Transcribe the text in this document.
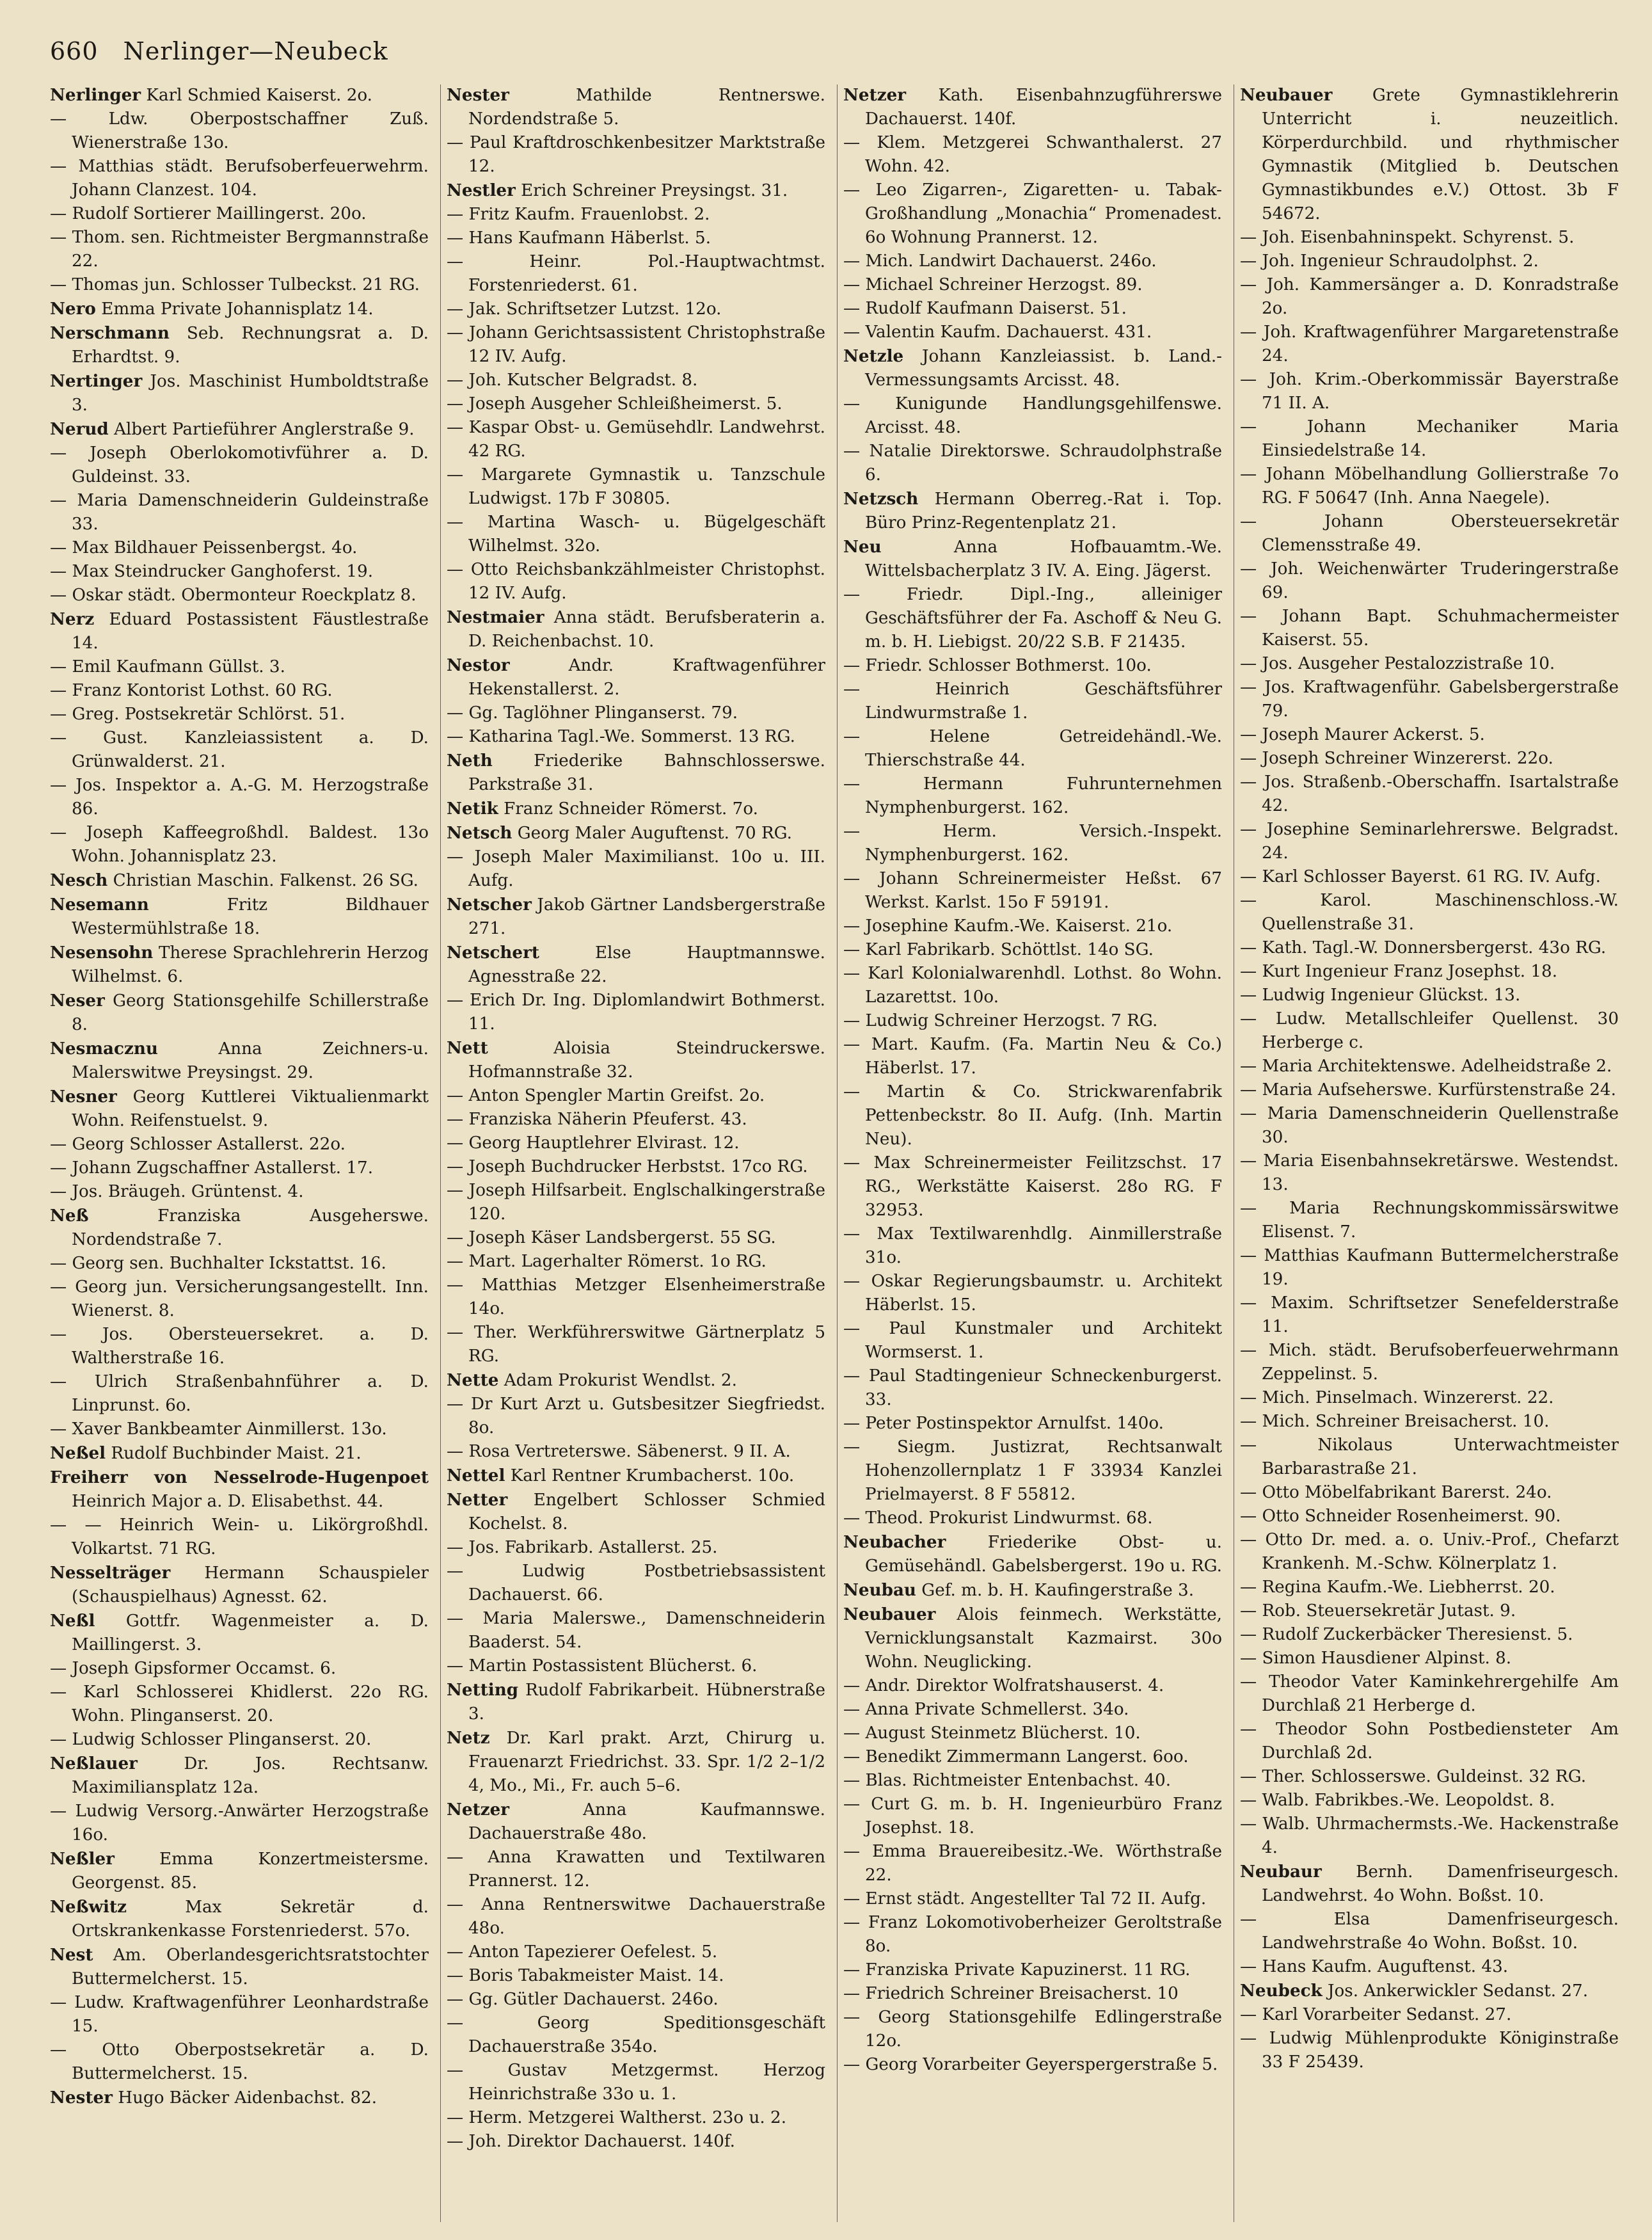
660 Nerlinger—Neubeck

Nerlinger Karl Schmied Kaiserst. 2o.

— Ldw. Oberpostschaffner Zuß. Wienerstraße 13o.

— Matthias städt. Berufsoberfeuerwehrm. Johann Clanzest. 104.

— Rudolf Sortierer Maillingerst. 20o.

— Thom. sen. Richtmeister Bergmannstraße 22.

— Thomas jun. Schlosser Tulbeckst. 21 RG.

Nero Emma Private Johannisplatz 14.

Nerschmann Seb. Rechnungsrat a. D. Erhardtst. 9.

Nertinger Jos. Maschinist Humboldtstraße 3.

Nerud Albert Partieführer Anglerstraße 9.

— Joseph Oberlokomotivführer a. D. Guldeinst. 33.

— Maria Damenschneiderin Guldeinstraße 33.

— Max Bildhauer Peissenbergst. 4o.

— Max Steindrucker Ganghoferst. 19.

— Oskar städt. Obermonteur Roeckplatz 8.

Nerz Eduard Postassistent Fäustlestraße 14.

— Emil Kaufmann Güllst. 3.

— Franz Kontorist Lothst. 60 RG.

— Greg. Postsekretär Schlörst. 51.

— Gust. Kanzleiassistent a. D. Grünwalderst. 21.

— Jos. Inspektor a. A.-G. M. Herzogstraße 86.

— Joseph Kaffeegroßhdl. Baldest. 13o Wohn. Johannisplatz 23.

Nesch Christian Maschin. Falkenst. 26 SG.

Nesemann Fritz Bildhauer Westermühlstraße 18.

Nesensohn Therese Sprachlehrerin Herzog Wilhelmst. 6.

Neser Georg Stationsgehilfe Schillerstraße 8.

Nesmacznu Anna Zeichners-u. Malerswitwe Preysingst. 29.

Nesner Georg Kuttlerei Viktualienmarkt Wohn. Reifenstuelst. 9.

— Georg Schlosser Astallerst. 22o.

— Johann Zugschaffner Astallerst. 17.

— Jos. Bräugeh. Grüntenst. 4.

Neß Franziska Ausgeherswe. Nordendstraße 7.

— Georg sen. Buchhalter Ickstattst. 16.

— Georg jun. Versicherungsangestellt. Inn. Wienerst. 8.

— Jos. Obersteuersekret. a. D. Waltherstraße 16.

— Ulrich Straßenbahnführer a. D. Linprunst. 6o.

— Xaver Bankbeamter Ainmillerst. 13o.

Neßel Rudolf Buchbinder Maist. 21.

Freiherr von Nesselrode-Hugenpoet Heinrich Major a. D. Elisabethst. 44.

— — Heinrich Wein- u. Likörgroßhdl. Volkartst. 71 RG.

Nesselträger Hermann Schauspieler (Schauspielhaus) Agnesst. 62.

Neßl Gottfr. Wagenmeister a. D. Maillingerst. 3.

— Joseph Gipsformer Occamst. 6.

— Karl Schlosserei Khidlerst. 22o RG. Wohn. Plinganserst. 20.

— Ludwig Schlosser Plinganserst. 20.

Neßlauer Dr. Jos. Rechtsanw. Maximiliansplatz 12a.

— Ludwig Versorg.-Anwärter Herzogstraße 16o.

Neßler Emma Konzertmeistersme. Georgenst. 85.

Neßwitz Max Sekretär d. Ortskrankenkasse Forstenriederst. 57o.

Nest Am. Oberlandesgerichtsratstochter Buttermelcherst. 15.

— Ludw. Kraftwagenführer Leonhardstraße 15.

— Otto Oberpostsekretär a. D. Buttermelcherst. 15.

Nester Hugo Bäcker Aidenbachst. 82.

Nester Mathilde Rentnerswe. Nordendstraße 5.

— Paul Kraftdroschkenbesitzer Marktstraße 12.

Nestler Erich Schreiner Preysingst. 31.

— Fritz Kaufm. Frauenlobst. 2.

— Hans Kaufmann Häberlst. 5.

— Heinr. Pol.-Hauptwachtmst. Forstenriederst. 61.

— Jak. Schriftsetzer Lutzst. 12o.

— Johann Gerichtsassistent Christophstraße 12 IV. Aufg.

— Joh. Kutscher Belgradst. 8.

— Joseph Ausgeher Schleißheimerst. 5.

— Kaspar Obst- u. Gemüsehdlr. Landwehrst. 42 RG.

— Margarete Gymnastik u. Tanzschule Ludwigst. 17b F 30805.

— Martina Wasch- u. Bügelgeschäft Wilhelmst. 32o.

— Otto Reichsbankzählmeister Christophst. 12 IV. Aufg.

Nestmaier Anna städt. Berufsberaterin a. D. Reichenbachst. 10.

Nestor Andr. Kraftwagenführer Hekenstallerst. 2.

— Gg. Taglöhner Plinganserst. 79.

— Katharina Tagl.-We. Sommerst. 13 RG.

Neth Friederike Bahnschlosserswe. Parkstraße 31.

Netik Franz Schneider Römerst. 7o.

Netsch Georg Maler Auguftenst. 70 RG.

— Joseph Maler Maximilianst. 10o u. III. Aufg.

Netscher Jakob Gärtner Landsbergerstraße 271.

Netschert Else Hauptmannswe. Agnesstraße 22.

— Erich Dr. Ing. Diplomlandwirt Bothmerst. 11.

Nett Aloisia Steindruckerswe. Hofmannstraße 32.

— Anton Spengler Martin Greifst. 2o.

— Franziska Näherin Pfeuferst. 43.

— Georg Hauptlehrer Elvirast. 12.

— Joseph Buchdrucker Herbstst. 17co RG.

— Joseph Hilfsarbeit. Englschalkingerstraße 120.

— Joseph Käser Landsbergerst. 55 SG.

— Mart. Lagerhalter Römerst. 1o RG.

— Matthias Metzger Elsenheimerstraße 14o.

— Ther. Werkführerswitwe Gärtnerplatz 5 RG.

Nette Adam Prokurist Wendlst. 2.

— Dr Kurt Arzt u. Gutsbesitzer Siegfriedst. 8o.

— Rosa Vertreterswe. Säbenerst. 9 II. A.

Nettel Karl Rentner Krumbacherst. 10o.

Netter Engelbert Schlosser Schmied Kochelst. 8.

— Jos. Fabrikarb. Astallerst. 25.

— Ludwig Postbetriebsassistent Dachauerst. 66.

— Maria Malerswe., Damenschneiderin Baaderst. 54.

— Martin Postassistent Blücherst. 6.

Netting Rudolf Fabrikarbeit. Hübnerstraße 3.

Netz Dr. Karl prakt. Arzt, Chirurg u. Frauenarzt Friedrichst. 33. Spr. 1/2 2–1/2 4, Mo., Mi., Fr. auch 5–6.

Netzer Anna Kaufmannswe. Dachauerstraße 48o.

— Anna Krawatten und Textilwaren Prannerst. 12.

— Anna Rentnerswitwe Dachauerstraße 48o.

— Anton Tapezierer Oefelest. 5.

— Boris Tabakmeister Maist. 14.

— Gg. Gütler Dachauerst. 246o.

— Georg Speditionsgeschäft Dachauerstraße 354o.

— Gustav Metzgermst. Herzog Heinrichstraße 33o u. 1.

— Herm. Metzgerei Waltherst. 23o u. 2.

— Joh. Direktor Dachauerst. 140f.

Netzer Kath. Eisenbahnzugführerswe Dachauerst. 140f.

— Klem. Metzgerei Schwanthalerst. 27 Wohn. 42.

— Leo Zigarren-, Zigaretten- u. Tabak-Großhandlung „Monachia“ Promenadest. 6o Wohnung Prannerst. 12.

— Mich. Landwirt Dachauerst. 246o.

— Michael Schreiner Herzogst. 89.

— Rudolf Kaufmann Daiserst. 51.

— Valentin Kaufm. Dachauerst. 431.

Netzle Johann Kanzleiassist. b. Land.-Vermessungsamts Arcisst. 48.

— Kunigunde Handlungsgehilfenswe. Arcisst. 48.

— Natalie Direktorswe. Schraudolphstraße 6.

Netzsch Hermann Oberreg.-Rat i. Top. Büro Prinz-Regentenplatz 21.

Neu Anna Hofbauamtm.-We. Wittelsbacherplatz 3 IV. A. Eing. Jägerst.

— Friedr. Dipl.-Ing., alleiniger Geschäftsführer der Fa. Aschoff & Neu G. m. b. H. Liebigst. 20/22 S.B. F 21435.

— Friedr. Schlosser Bothmerst. 10o.

— Heinrich Geschäftsführer Lindwurmstraße 1.

— Helene Getreidehändl.-We. Thierschstraße 44.

— Hermann Fuhrunternehmen Nymphenburgerst. 162.

— Herm. Versich.-Inspekt. Nymphenburgerst. 162.

— Johann Schreinermeister Heßst. 67 Werkst. Karlst. 15o F 59191.

— Josephine Kaufm.-We. Kaiserst. 21o.

— Karl Fabrikarb. Schöttlst. 14o SG.

— Karl Kolonialwarenhdl. Lothst. 8o Wohn. Lazarettst. 10o.

— Ludwig Schreiner Herzogst. 7 RG.

— Mart. Kaufm. (Fa. Martin Neu & Co.) Häberlst. 17.

— Martin & Co. Strickwarenfabrik Pettenbeckstr. 8o II. Aufg. (Inh. Martin Neu).

— Max Schreinermeister Feilitzschst. 17 RG., Werkstätte Kaiserst. 28o RG. F 32953.

— Max Textilwarenhdlg. Ainmillerstraße 31o.

— Oskar Regierungsbaumstr. u. Architekt Häberlst. 15.

— Paul Kunstmaler und Architekt Wormserst. 1.

— Paul Stadtingenieur Schneckenburgerst. 33.

— Peter Postinspektor Arnulfst. 140o.

— Siegm. Justizrat, Rechtsanwalt Hohenzollernplatz 1 F 33934 Kanzlei Prielmayerst. 8 F 55812.

— Theod. Prokurist Lindwurmst. 68.

Neubacher Friederike Obst- u. Gemüsehändl. Gabelsbergerst. 19o u. RG.

Neubau Gef. m. b. H. Kaufingerstraße 3.

Neubauer Alois feinmech. Werkstätte, Vernicklungsanstalt Kazmairst. 30o Wohn. Neuglicking.

— Andr. Direktor Wolfratshauserst. 4.

— Anna Private Schmellerst. 34o.

— August Steinmetz Blücherst. 10.

— Benedikt Zimmermann Langerst. 6oo.

— Blas. Richtmeister Entenbachst. 40.

— Curt G. m. b. H. Ingenieurbüro Franz Josephst. 18.

— Emma Brauereibesitz.-We. Wörthstraße 22.

— Ernst städt. Angestellter Tal 72 II. Aufg.

— Franz Lokomotivoberheizer Geroltstraße 8o.

— Franziska Private Kapuzinerst. 11 RG.

— Friedrich Schreiner Breisacherst. 10

— Georg Stationsgehilfe Edlingerstraße 12o.

— Georg Vorarbeiter Geyerspergerstraße 5.

Neubauer Grete Gymnastiklehrerin Unterricht i. neuzeitlich. Körperdurchbild. und rhythmischer Gymnastik (Mitglied b. Deutschen Gymnastikbundes e.V.) Ottost. 3b F 54672.

— Joh. Eisenbahninspekt. Schyrenst. 5.

— Joh. Ingenieur Schraudolphst. 2.

— Joh. Kammersänger a. D. Konradstraße 2o.

— Joh. Kraftwagenführer Margaretenstraße 24.

— Joh. Krim.-Oberkommissär Bayerstraße 71 II. A.

— Johann Mechaniker Maria Einsiedelstraße 14.

— Johann Möbelhandlung Gollierstraße 7o RG. F 50647 (Inh. Anna Naegele).

— Johann Obersteuersekretär Clemensstraße 49.

— Joh. Weichenwärter Truderingerstraße 69.

— Johann Bapt. Schuhmachermeister Kaiserst. 55.

— Jos. Ausgeher Pestalozzistraße 10.

— Jos. Kraftwagenführ. Gabelsbergerstraße 79.

— Joseph Maurer Ackerst. 5.

— Joseph Schreiner Winzererst. 22o.

— Jos. Straßenb.-Oberschaffn. Isartalstraße 42.

— Josephine Seminarlehrerswe. Belgradst. 24.

— Karl Schlosser Bayerst. 61 RG. IV. Aufg.

— Karol. Maschinenschloss.-W. Quellenstraße 31.

— Kath. Tagl.-W. Donnersbergerst. 43o RG.

— Kurt Ingenieur Franz Josephst. 18.

— Ludwig Ingenieur Glückst. 13.

— Ludw. Metallschleifer Quellenst. 30 Herberge c.

— Maria Architektenswe. Adelheidstraße 2.

— Maria Aufseherswe. Kurfürstenstraße 24.

— Maria Damenschneiderin Quellenstraße 30.

— Maria Eisenbahnsekretärswe. Westendst. 13.

— Maria Rechnungskommissärswitwe Elisenst. 7.

— Matthias Kaufmann Buttermelcherstraße 19.

— Maxim. Schriftsetzer Senefelderstraße 11.

— Mich. städt. Berufsoberfeuerwehrmann Zeppelinst. 5.

— Mich. Pinselmach. Winzererst. 22.

— Mich. Schreiner Breisacherst. 10.

— Nikolaus Unterwachtmeister Barbarastraße 21.

— Otto Möbelfabrikant Barerst. 24o.

— Otto Schneider Rosenheimerst. 90.

— Otto Dr. med. a. o. Univ.-Prof., Chefarzt Krankenh. M.-Schw. Kölnerplatz 1.

— Regina Kaufm.-We. Liebherrst. 20.

— Rob. Steuersekretär Jutast. 9.

— Rudolf Zuckerbäcker Theresienst. 5.

— Simon Hausdiener Alpinst. 8.

— Theodor Vater Kaminkehrergehilfe Am Durchlaß 21 Herberge d.

— Theodor Sohn Postbediensteter Am Durchlaß 2d.

— Ther. Schlosserswe. Guldeinst. 32 RG.

— Walb. Fabrikbes.-We. Leopoldst. 8.

— Walb. Uhrmachermsts.-We. Hackenstraße 4.

Neubaur Bernh. Damenfriseurgesch. Landwehrst. 4o Wohn. Boßst. 10.

— Elsa Damenfriseurgesch. Landwehrstraße 4o Wohn. Boßst. 10.

— Hans Kaufm. Auguftenst. 43.

Neubeck Jos. Ankerwickler Sedanst. 27.

— Karl Vorarbeiter Sedanst. 27.

— Ludwig Mühlenprodukte Königinstraße 33 F 25439.
